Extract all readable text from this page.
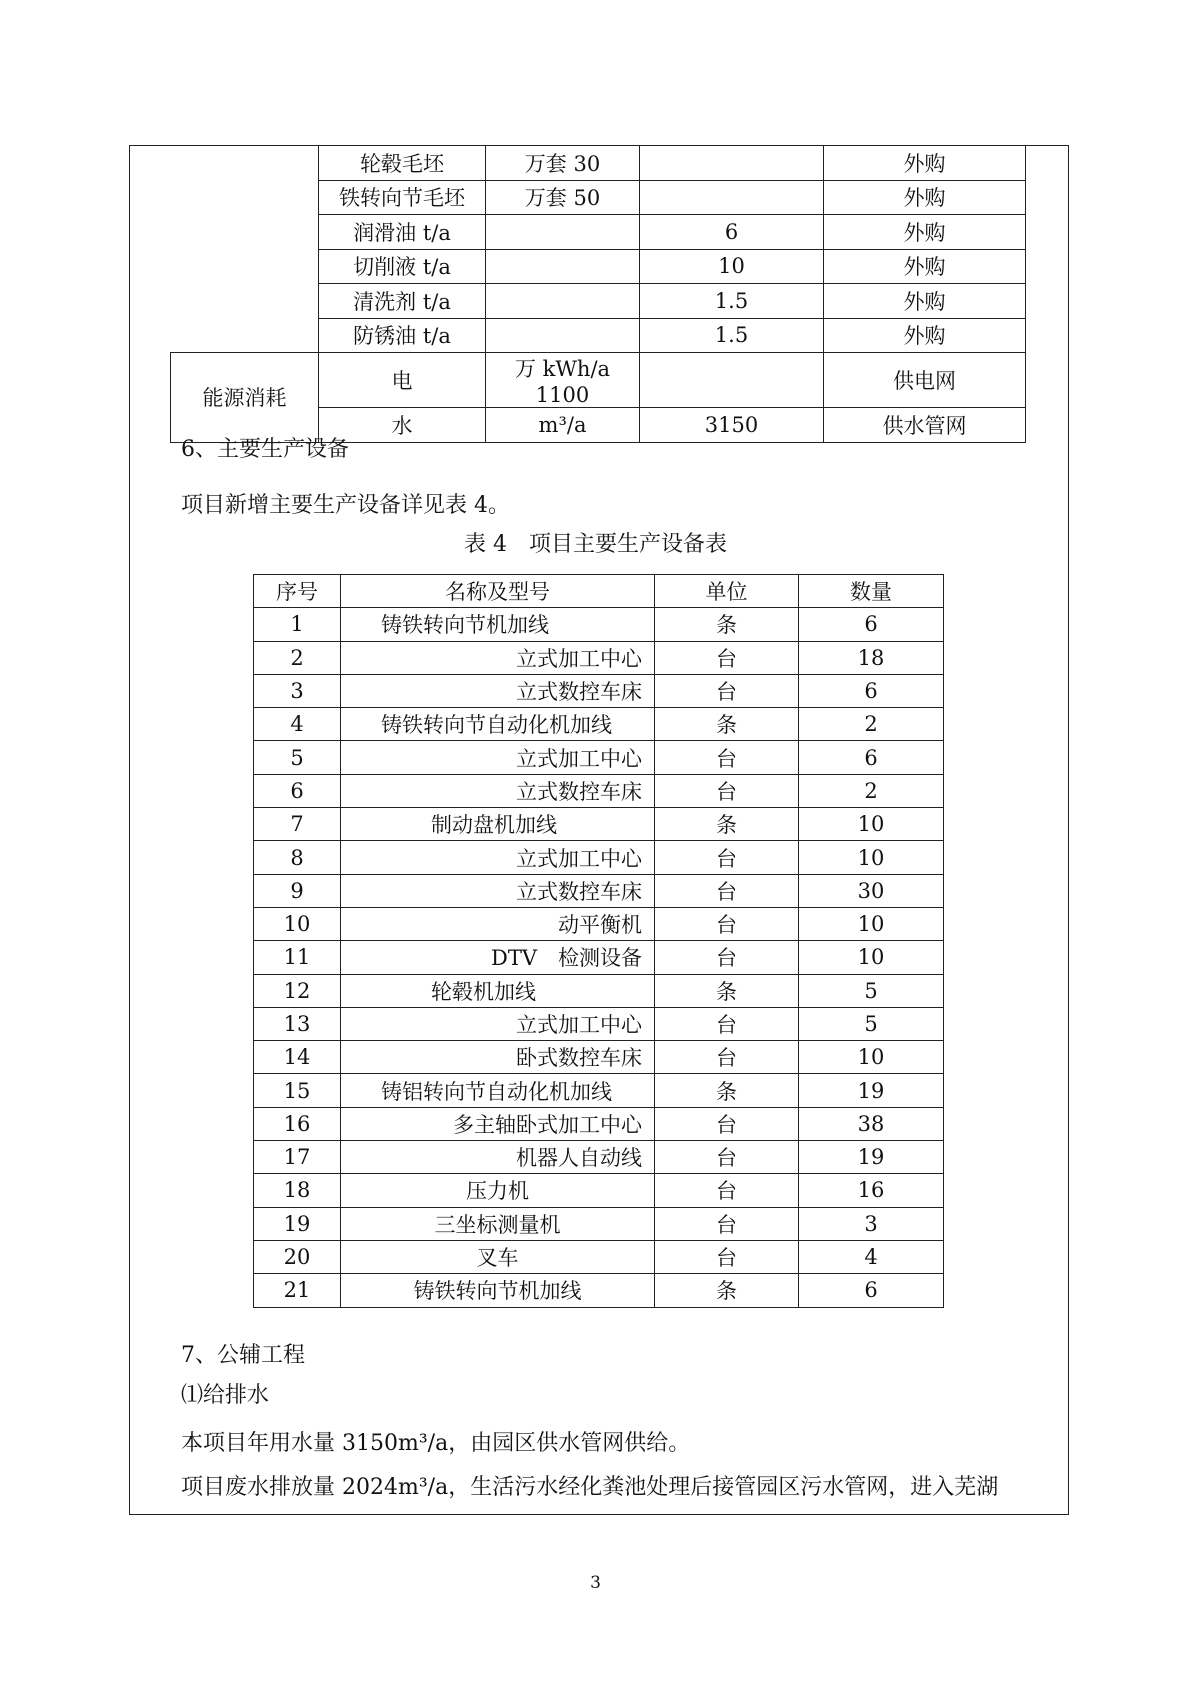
	轮毂毛坯	万套 30		外购
	铁转向节毛坯	万套 50		外购
	润滑油 t/a		6	外购
	切削液 t/a		10	外购
	清洗剂 t/a		1.5	外购
	防锈油 t/a		1.5	外购
能源消耗	电	万 kWh/a 1100		供电网
	水	m³/a	3150	供水管网
6、主要生产设备
项目新增主要生产设备详见表 4。
表 4　项目主要生产设备表
序号	名称及型号	单位	数量
1	铸铁转向节机加线	条	6
2	立式加工中心	台	18
3	立式数控车床	台	6
4	铸铁转向节自动化机加线	条	2
5	立式加工中心	台	6
6	立式数控车床	台	2
7	制动盘机加线	条	10
8	立式加工中心	台	10
9	立式数控车床	台	30
10	动平衡机	台	10
11	DTV　检测设备	台	10
12	轮毂机加线	条	5
13	立式加工中心	台	5
14	卧式数控车床	台	10
15	铸铝转向节自动化机加线	条	19
16	多主轴卧式加工中心	台	38
17	机器人自动线	台	19
18	压力机	台	16
19	三坐标测量机	台	3
20	叉车	台	4
21	铸铁转向节机加线	条	6
7、公辅工程
⑴给排水
本项目年用水量 3150m³/a，由园区供水管网供给。
项目废水排放量 2024m³/a，生活污水经化粪池处理后接管园区污水管网，进入芜湖
3
